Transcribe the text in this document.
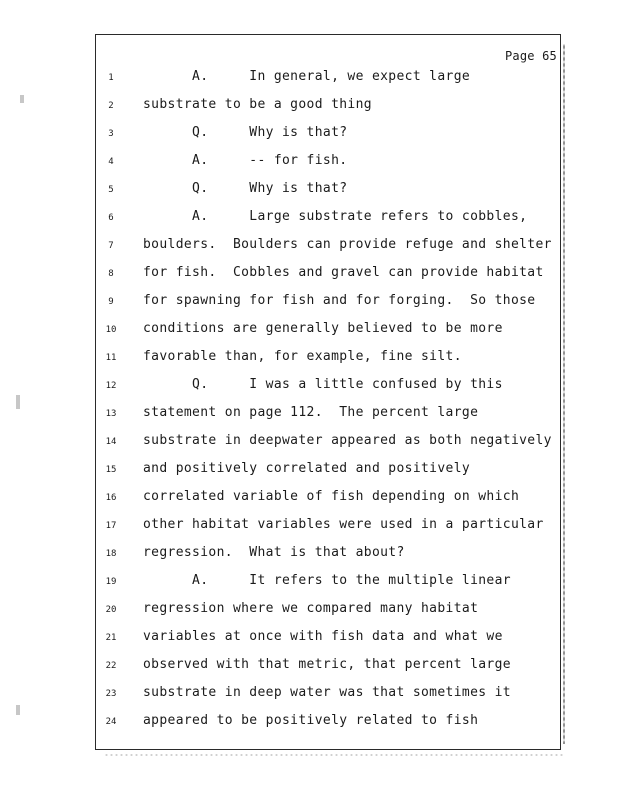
Page 65
1	A.     In general, we expect large
2	substrate to be a good thing
3	Q.     Why is that?
4	A.     -- for fish.
5	Q.     Why is that?
6	A.     Large substrate refers to cobbles,
7	boulders.  Boulders can provide refuge and shelter
8	for fish.  Cobbles and gravel can provide habitat
9	for spawning for fish and for forging.  So those
10	conditions are generally believed to be more
11	favorable than, for example, fine silt.
12	Q.     I was a little confused by this
13	statement on page 112.  The percent large
14	substrate in deepwater appeared as both negatively
15	and positively correlated and positively
16	correlated variable of fish depending on which
17	other habitat variables were used in a particular
18	regression.  What is that about?
19	A.     It refers to the multiple linear
20	regression where we compared many habitat
21	variables at once with fish data and what we
22	observed with that metric, that percent large
23	substrate in deep water was that sometimes it
24	appeared to be positively related to fish
